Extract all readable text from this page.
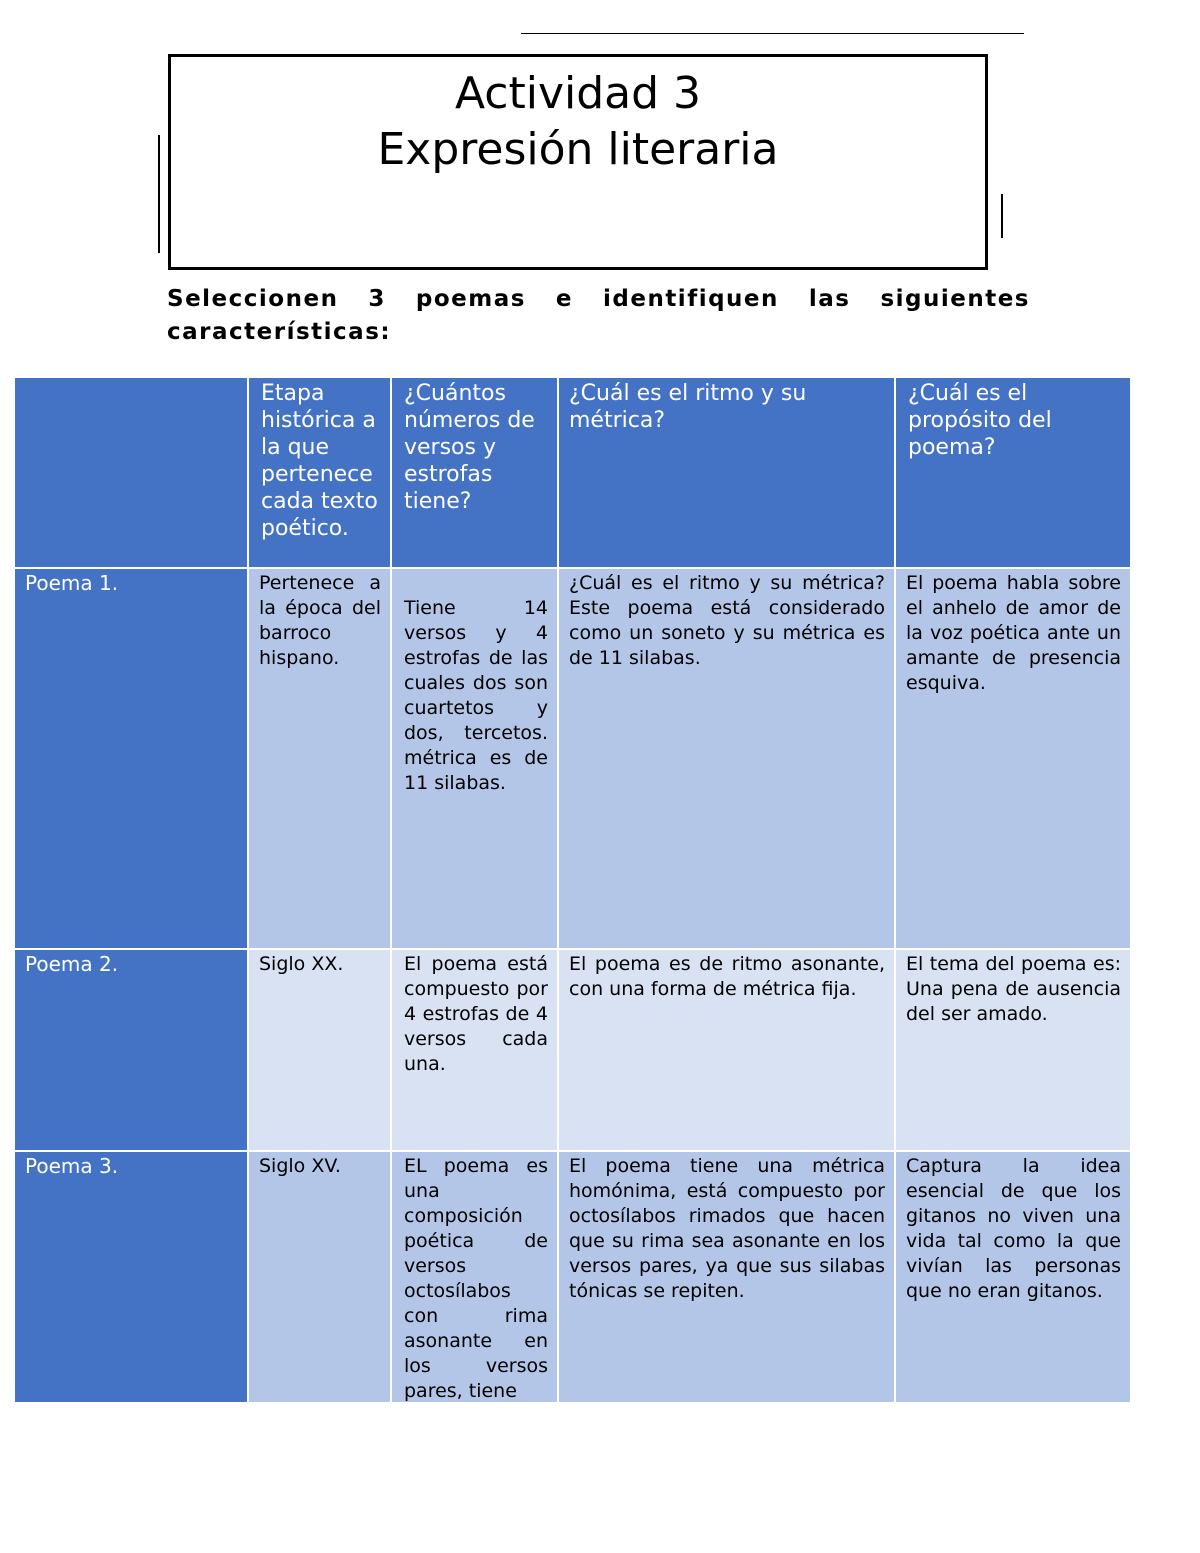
Actividad 3
Expresión literaria
Seleccionen 3 poemas e identifiquen las siguientes características:
	Etapa histórica a la que pertenece cada texto poético.	¿Cuántos números de versos y estrofas tiene?	¿Cuál es el ritmo y su métrica?	¿Cuál es el propósito del poema?
Poema 1.	Pertenece a la época del barroco hispano.	Tiene 14 versos y 4 estrofas de las cuales dos son cuartetos y dos, tercetos. métrica es de 11 silabas.	¿Cuál es el ritmo y su métrica? Este poema está considerado como un soneto y su métrica es de 11 silabas.	El poema habla sobre el anhelo de amor de la voz poética ante un amante de presencia esquiva.
Poema 2.	Siglo XX.	El poema está compuesto por 4 estrofas de 4 versos cada una.	El poema es de ritmo asonante, con una forma de métrica fija.	El tema del poema es: Una pena de ausencia del ser amado.
Poema 3.	Siglo XV.	EL poema es una composición poética de versos octosílabos con rima asonante en los versos pares, tiene	El poema tiene una métrica homónima, está compuesto por octosílabos rimados que hacen que su rima sea asonante en los versos pares, ya que sus silabas tónicas se repiten.	Captura la idea esencial de que los gitanos no viven una vida tal como la que vivían las personas que no eran gitanos.
